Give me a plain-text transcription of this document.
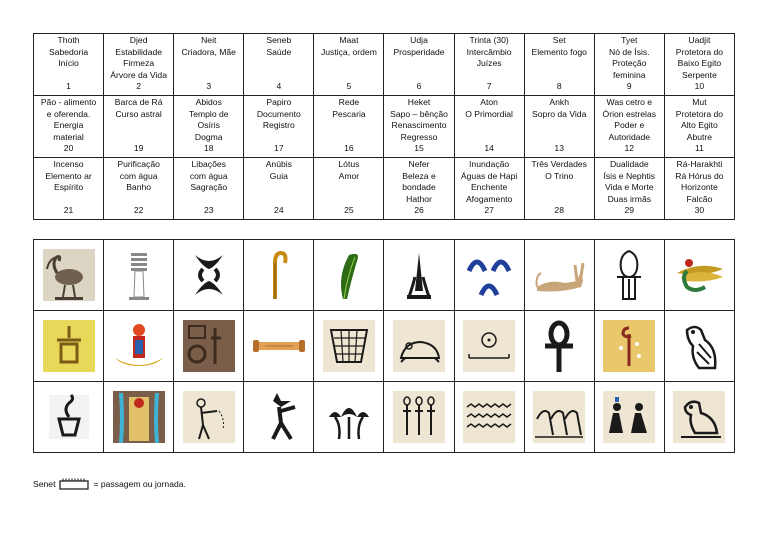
Thoth
Sabedoria
Início
1	Djed
Estabilidade
Firmeza
Árvore da Vida
2	Neit
Criadora, Mãe
3	Seneb
Saúde
4	Maat
Justiça, ordem
5	Udja
Prosperidade
6	Trinta (30)
Intercâmbio
Juízes
7	Set
Elemento fogo
8	Tyet
Nó de Ísis.
Proteção
feminina
9	Uadjit
Protetora do
Baixo Egito
Serpente
10

Pão - alimento
e oferenda.
Energia
material
20	Barca de Rá
Curso astral
19	Abidos
Templo de
Osíris
Dogma
18	Papiro
Documento
Registro
17	Rede
Pescaria
16	Heket
Sapo – bênção
Renascimento
Regresso
15	Aton
O Primordial
14	Ankh
Sopro da Vida
13	Was cetro e
Órion estrelas
Poder e
Autoridade
12	Mut
Protetora do
Alto Egito
Abutre
11

Incenso
Elemento ar
Espírito
21	Purificação
com água
Banho
22	Libações
com água
Sagração
23	Anúbis
Guia
24	Lótus
Amor
25	Nefer
Beleza e
bondade
Hathor
26	Inundação
Águas de Hapi
Enchente
Afogamento
27	Três Verdades
O Trino
28	Dualidade
Ísis e Nephtis
Vida e Morte
Duas irmãs
29	Rá-Harakhti
Rá Hórus do
Horizonte
Falcão
30

Senet	= passagem ou jornada.
